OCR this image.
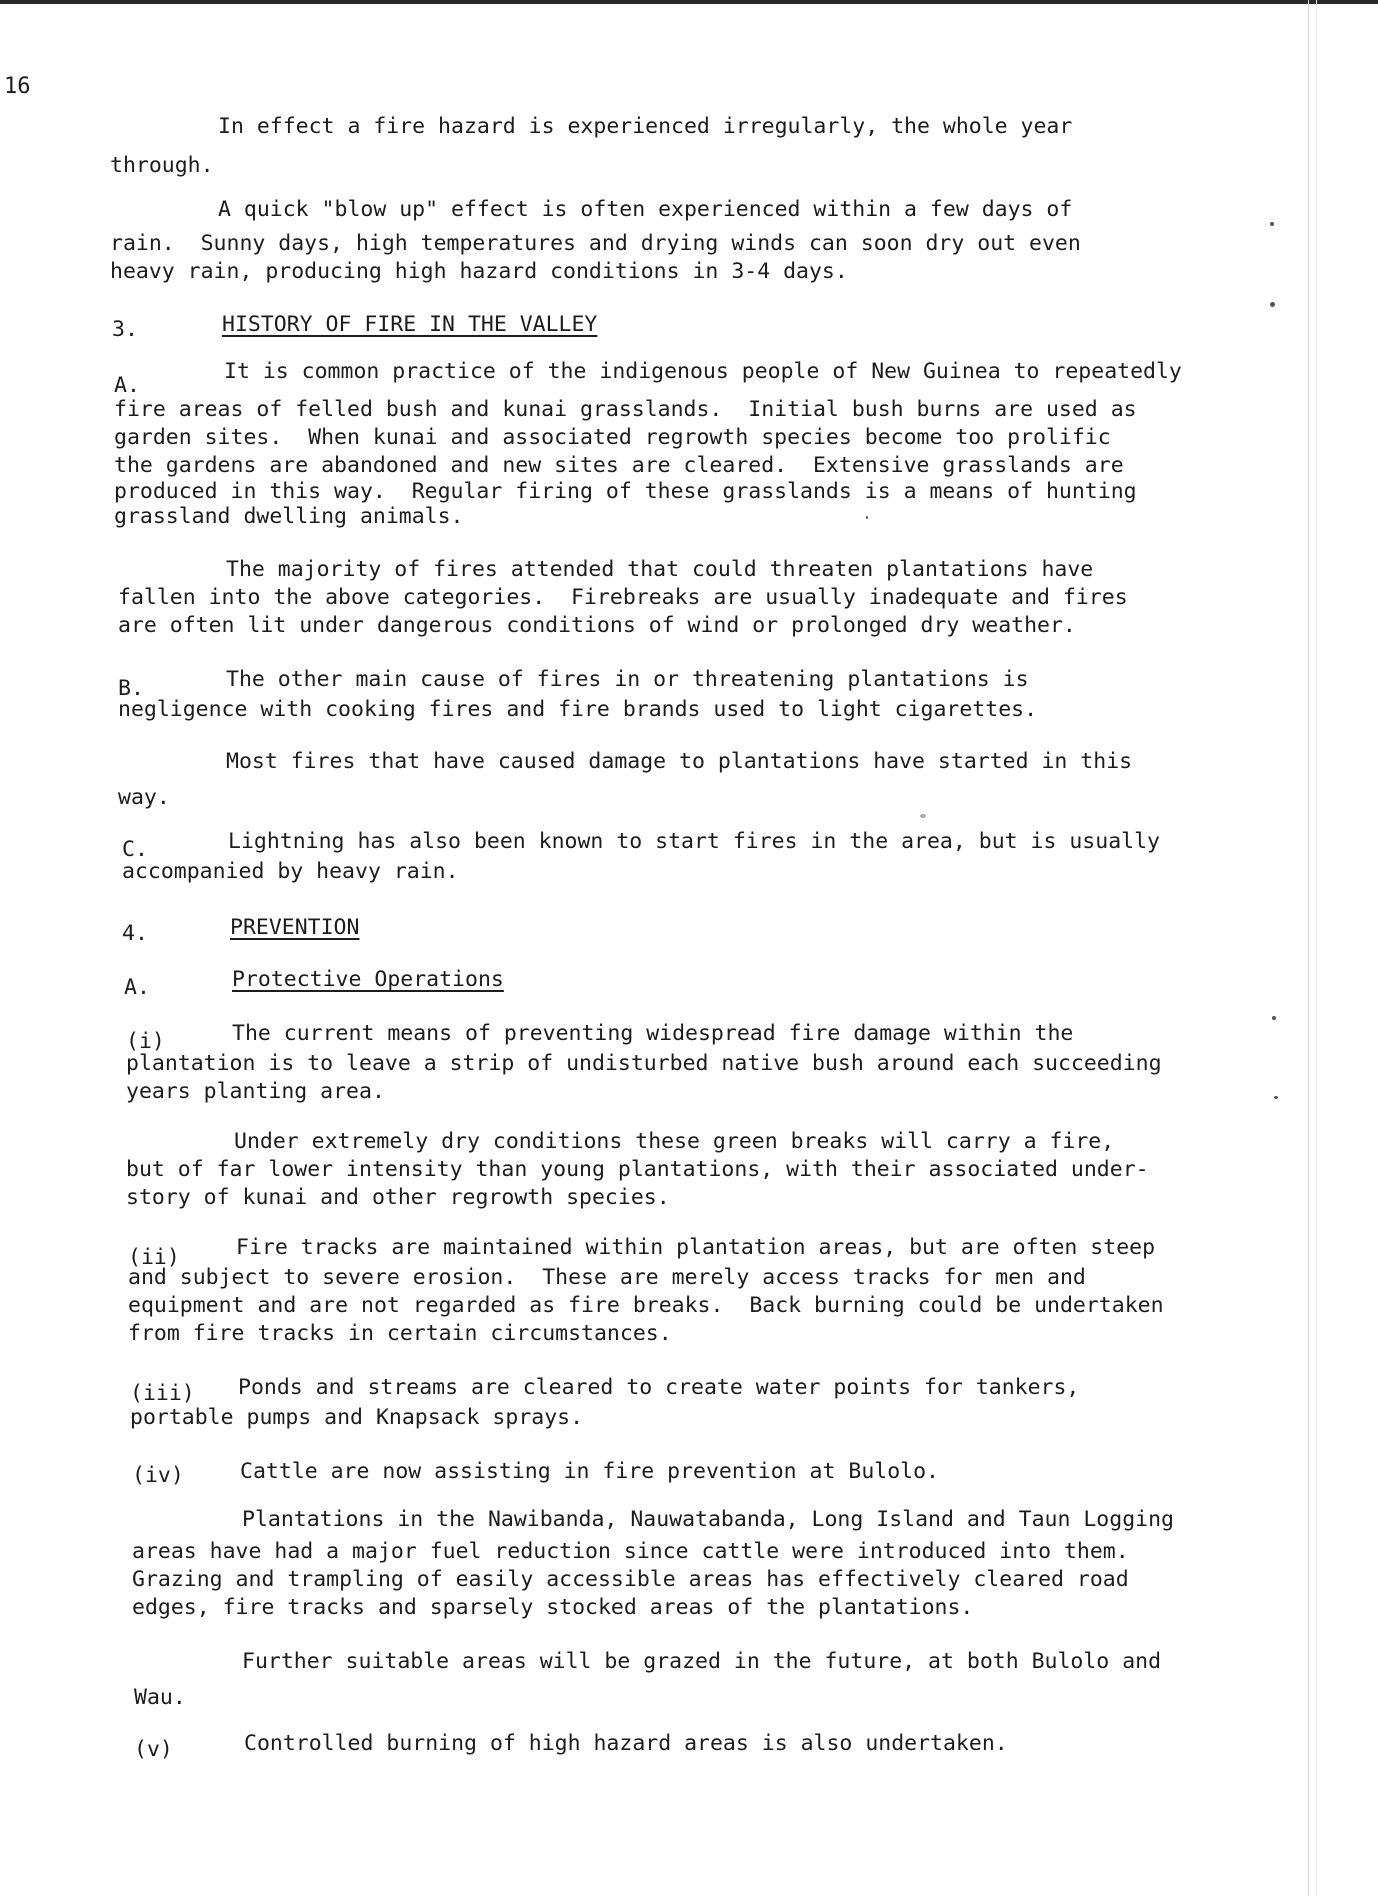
16
In effect a fire hazard is experienced irregularly, the whole year
through.
A quick "blow up" effect is often experienced within a few days of
rain.  Sunny days, high temperatures and drying winds can soon dry out even
heavy rain, producing high hazard conditions in 3-4 days.
3.	HISTORY OF FIRE IN THE VALLEY
A.
It is common practice of the indigenous people of New Guinea to repeatedly
fire areas of felled bush and kunai grasslands.  Initial bush burns are used as
garden sites.  When kunai and associated regrowth species become too prolific
the gardens are abandoned and new sites are cleared.  Extensive grasslands are
produced in this way.  Regular firing of these grasslands is a means of hunting
grassland dwelling animals.
The majority of fires attended that could threaten plantations have
fallen into the above categories.  Firebreaks are usually inadequate and fires
are often lit under dangerous conditions of wind or prolonged dry weather.
B.	The other main cause of fires in or threatening plantations is
negligence with cooking fires and fire brands used to light cigarettes.
Most fires that have caused damage to plantations have started in this
way.
C.	Lightning has also been known to start fires in the area, but is usually
accompanied by heavy rain.
4.	PREVENTION
A.	Protective Operations
(i)	The current means of preventing widespread fire damage within the
plantation is to leave a strip of undisturbed native bush around each succeeding
years planting area.
Under extremely dry conditions these green breaks will carry a fire,
but of far lower intensity than young plantations, with their associated under-
story of kunai and other regrowth species.
(ii)	Fire tracks are maintained within plantation areas, but are often steep
and subject to severe erosion.  These are merely access tracks for men and
equipment and are not regarded as fire breaks.  Back burning could be undertaken
from fire tracks in certain circumstances.
(iii) Ponds and streams are cleared to create water points for tankers,
portable pumps and Knapsack sprays.
(iv)	Cattle are now assisting in fire prevention at Bulolo.
Plantations in the Nawibanda, Nauwatabanda, Long Island and Taun Logging
areas have had a major fuel reduction since cattle were introduced into them.
Grazing and trampling of easily accessible areas has effectively cleared road
edges, fire tracks and sparsely stocked areas of the plantations.
Further suitable areas will be grazed in the future, at both Bulolo and
Wau.
(v)	Controlled burning of high hazard areas is also undertaken.
